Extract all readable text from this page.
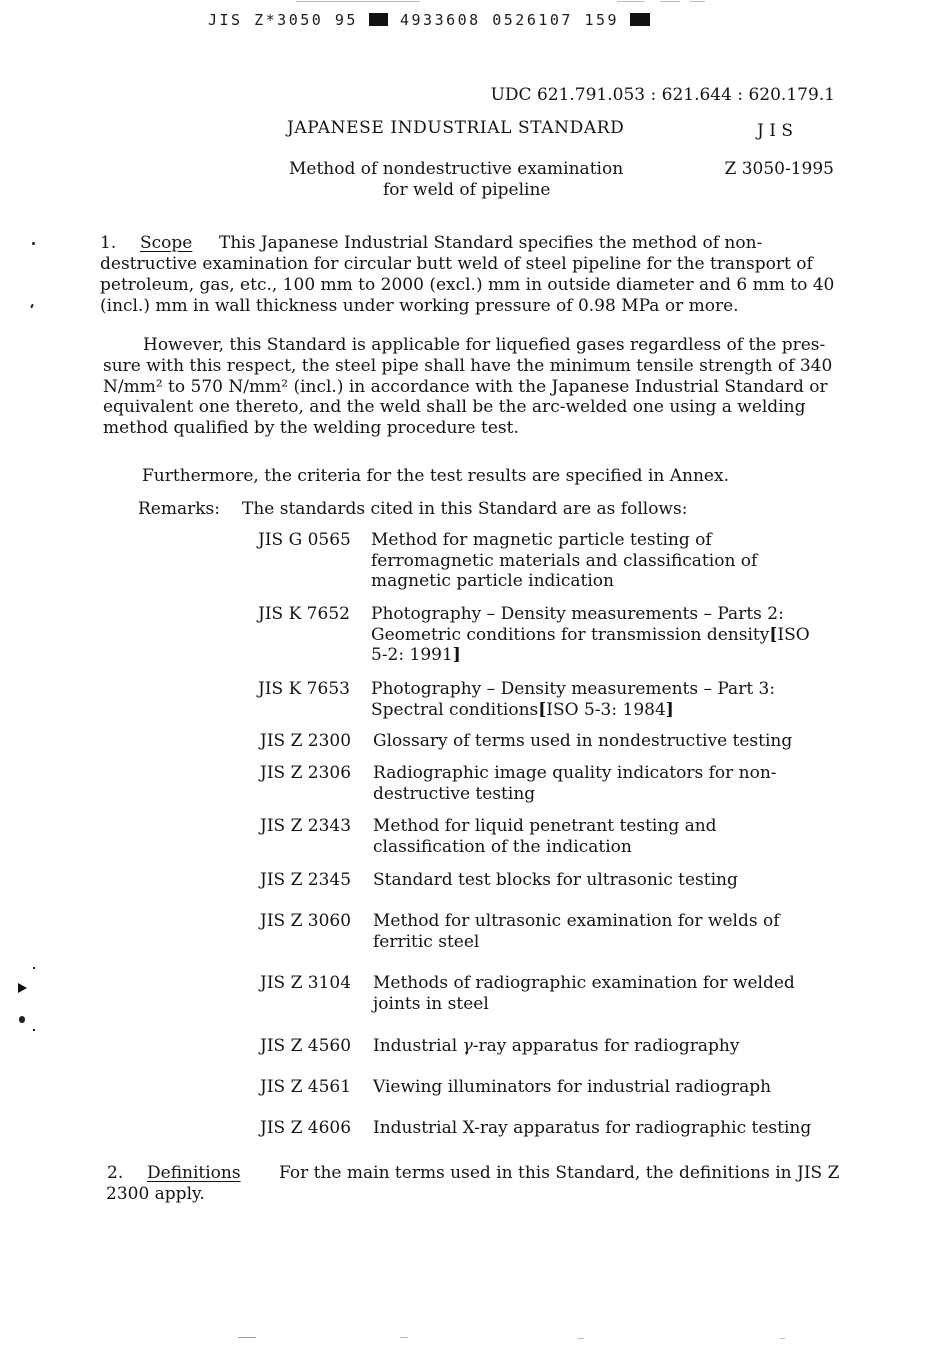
JIS Z*3050 95	4933608 0526107 159
UDC 621.791.053 : 621.644 : 620.179.1
JAPANESE INDUSTRIAL STANDARD	J I S
Method of nondestructive examination
for weld of pipeline
Z 3050-1995
1. Scope This Japanese Industrial Standard specifies the method of non-
destructive examination for circular butt weld of steel pipeline for the transport of
petroleum, gas, etc., 100 mm to 2000 (excl.) mm in outside diameter and 6 mm to 40
(incl.) mm in wall thickness under working pressure of 0.98 MPa or more.
However, this Standard is applicable for liquefied gases regardless of the pres-
sure with this respect, the steel pipe shall have the minimum tensile strength of 340
N/mm² to 570 N/mm² (incl.) in accordance with the Japanese Industrial Standard or
equivalent one thereto, and the weld shall be the arc-welded one using a welding
method qualified by the welding procedure test.
Furthermore, the criteria for the test results are specified in Annex.
Remarks: The standards cited in this Standard are as follows:
JIS G 0565 Method for magnetic particle testing of
ferromagnetic materials and classification of
magnetic particle indication
JIS K 7652 Photography – Density measurements – Parts 2:
Geometric conditions for transmission density[ISO
5-2: 1991]
JIS K 7653 Photography – Density measurements – Part 3:
Spectral conditions[ISO 5-3: 1984]
JIS Z 2300 Glossary of terms used in nondestructive testing
JIS Z 2306 Radiographic image quality indicators for non-
destructive testing
JIS Z 2343 Method for liquid penetrant testing and
classification of the indication
JIS Z 2345 Standard test blocks for ultrasonic testing
JIS Z 3060 Method for ultrasonic examination for welds of
ferritic steel
JIS Z 3104 Methods of radiographic examination for welded
joints in steel
JIS Z 4560 Industrial γ-ray apparatus for radiography
JIS Z 4561 Viewing illuminators for industrial radiograph
JIS Z 4606 Industrial X-ray apparatus for radiographic testing
2. Definitions For the main terms used in this Standard, the definitions in JIS Z
2300 apply.
